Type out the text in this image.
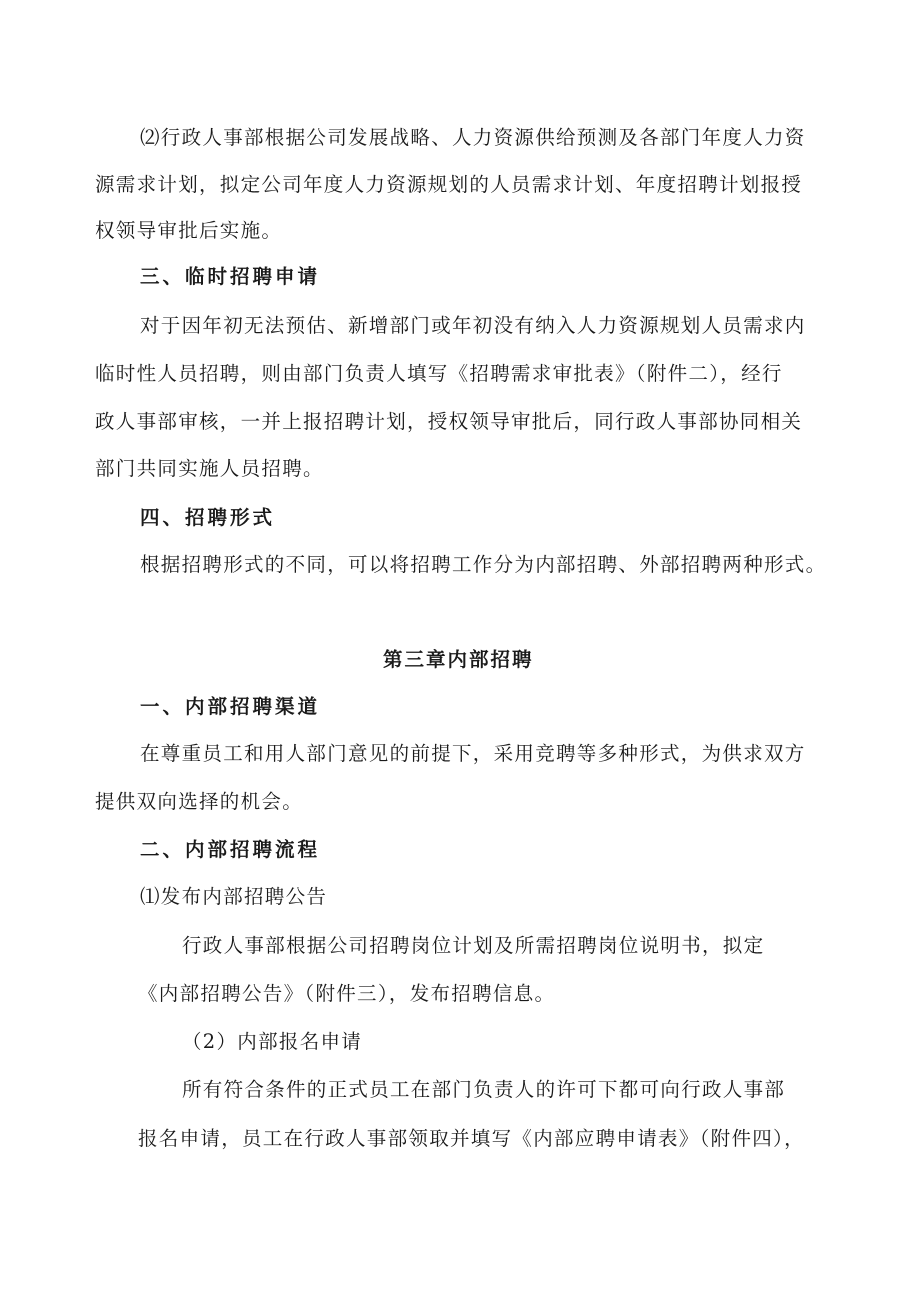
⑵行政人事部根据公司发展战略、人力资源供给预测及各部门年度人力资
源需求计划，拟定公司年度人力资源规划的人员需求计划、年度招聘计划报授
权领导审批后实施。
三、临时招聘申请
对于因年初无法预估、新增部门或年初没有纳入人力资源规划人员需求内
临时性人员招聘，则由部门负责人填写《招聘需求审批表》（附件二），经行
政人事部审核，一并上报招聘计划，授权领导审批后，同行政人事部协同相关
部门共同实施人员招聘。
四、招聘形式
根据招聘形式的不同，可以将招聘工作分为内部招聘、外部招聘两种形式。
第三章内部招聘
一、内部招聘渠道
在尊重员工和用人部门意见的前提下，采用竞聘等多种形式，为供求双方
提供双向选择的机会。
二、内部招聘流程
⑴发布内部招聘公告
行政人事部根据公司招聘岗位计划及所需招聘岗位说明书，拟定
《内部招聘公告》（附件三），发布招聘信息。
（2）内部报名申请
所有符合条件的正式员工在部门负责人的许可下都可向行政人事部
报名申请，员工在行政人事部领取并填写《内部应聘申请表》（附件四），
